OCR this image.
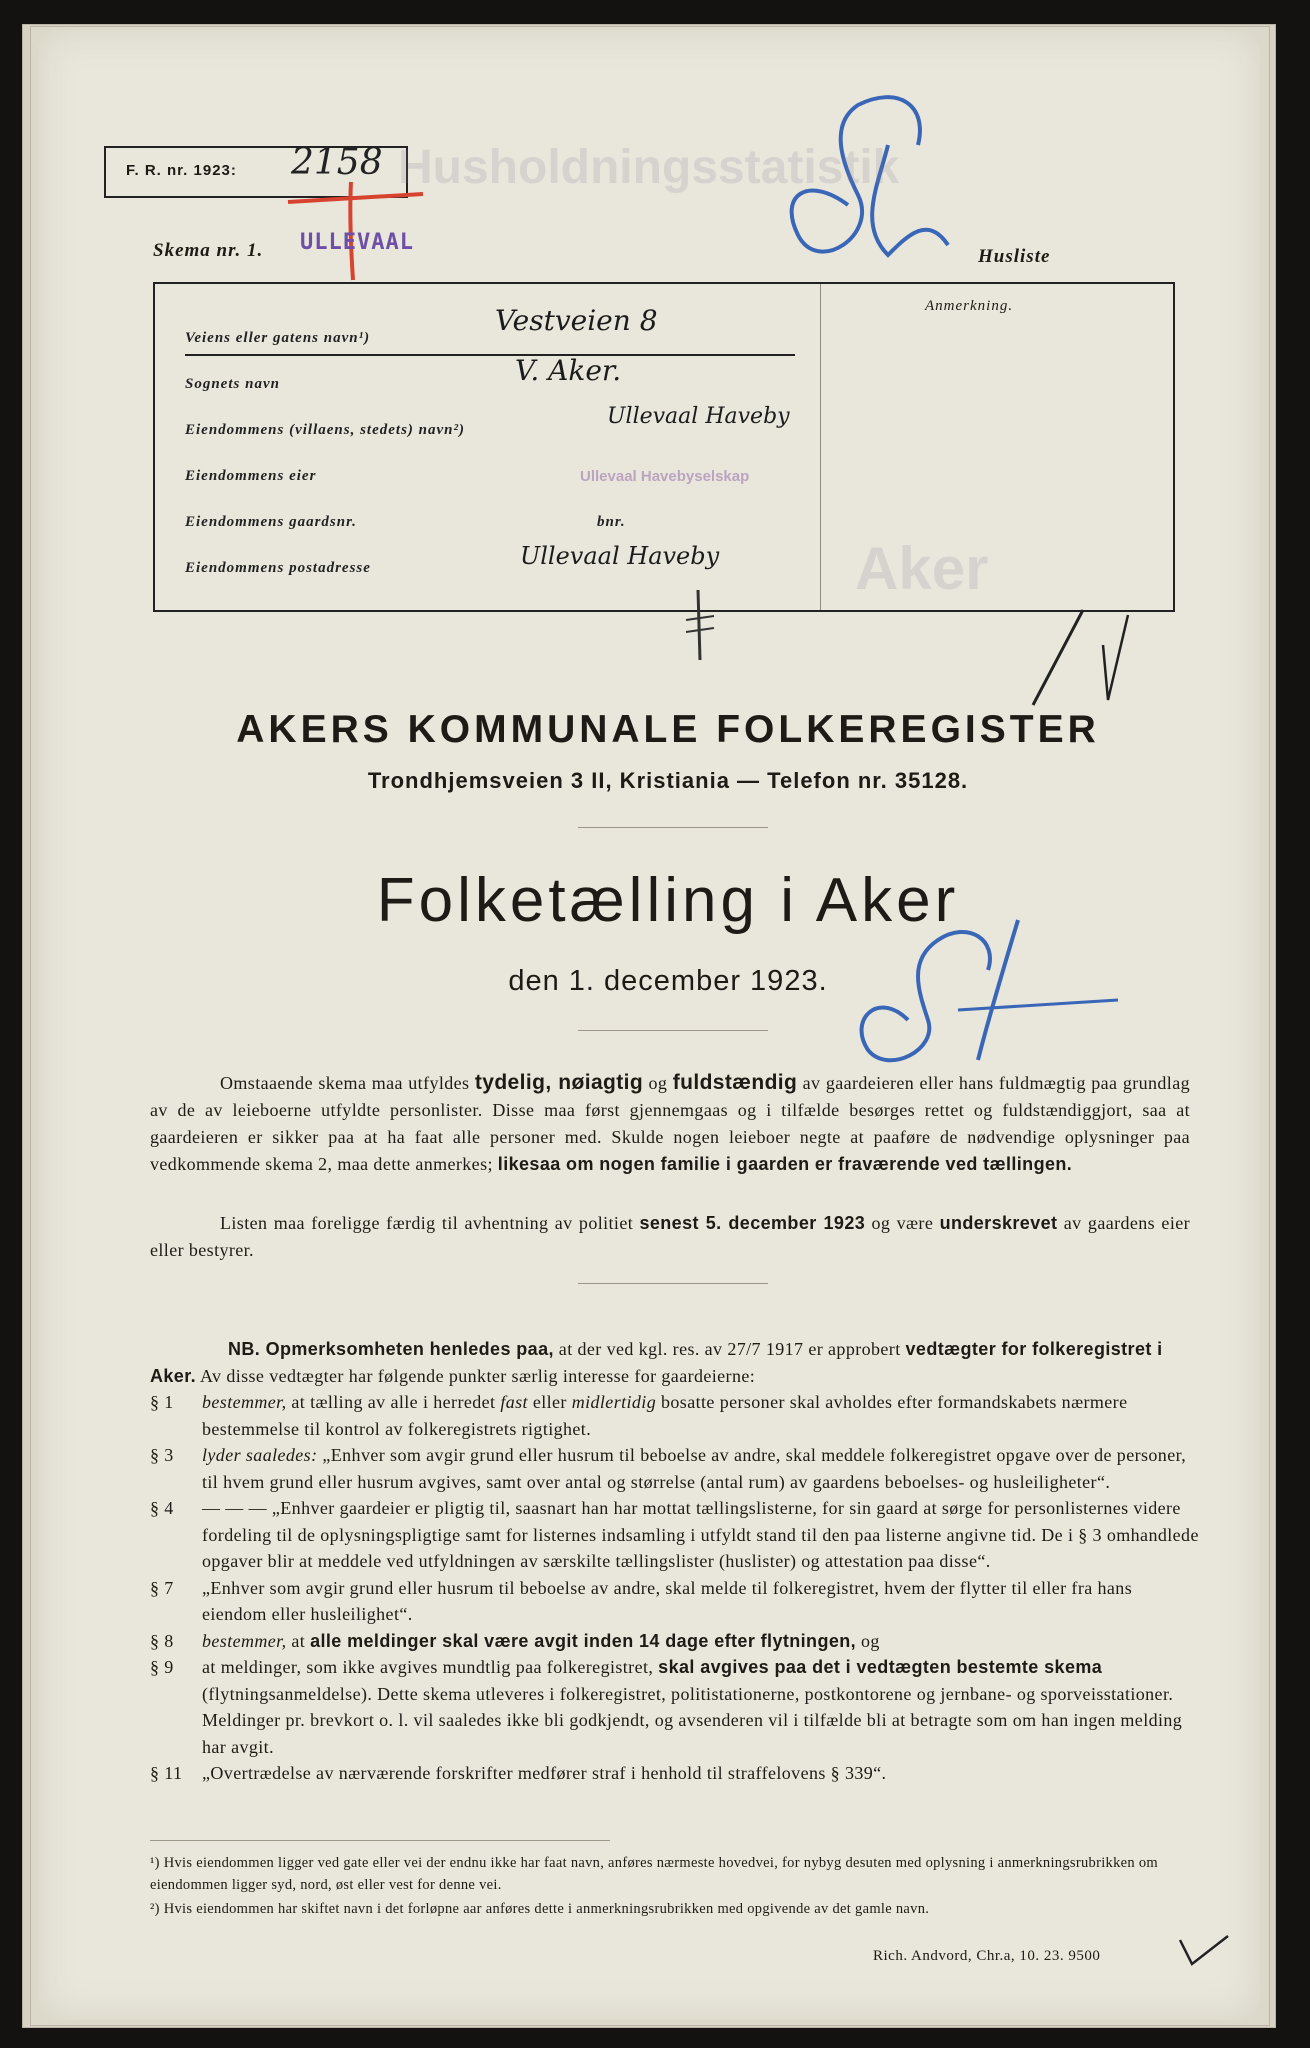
F. R. nr. 1923: 2158 Husholdningsstatistik
Skema nr. 1. ULLEVAAL
Husliste
Anmerkning.
Veiens eller gatens navn¹)
Vestveien 8
Sognets navn	V. Aker.
Eiendommens (villaens, stedets) navn²)
Ullevaal Haveby
Eiendommens eier	Ullevaal Havebyselskap
Eiendommens gaardsnr.	bnr.
Eiendommens postadresse	Ullevaal Haveby Aker
AKERS KOMMUNALE FOLKEREGISTER
Trondhjemsveien 3 II, Kristiania — Telefon nr. 35128.
Folketælling i Aker
den 1. december 1923.
Omstaaende skema maa utfyldes tydelig, nøiagtig og fuldstændig av gaardeieren eller hans fuldmægtig paa grundlag av de av leieboerne utfyldte personlister. Disse maa først gjennemgaas og i tilfælde besørges rettet og fuldstændiggjort, saa at gaardeieren er sikker paa at ha faat alle personer med. Skulde nogen leieboer negte at paaføre de nødvendige oplysninger paa vedkommende skema 2, maa dette anmerkes; likesaa om nogen familie i gaarden er fraværende ved tællingen.
Listen maa foreligge færdig til avhentning av politiet senest 5. december 1923 og være underskrevet av gaardens eier eller bestyrer.
NB. Opmerksomheten henledes paa, at der ved kgl. res. av 27/7 1917 er approbert vedtægter for folkeregistret i Aker. Av disse vedtægter har følgende punkter særlig interesse for gaardeierne:
§ 1 bestemmer, at tælling av alle i herredet fast eller midlertidig bosatte personer skal avholdes efter formandskabets nærmere bestemmelse til kontrol av folkeregistrets rigtighet.
§ 3 lyder saaledes: „Enhver som avgir grund eller husrum til beboelse av andre, skal meddele folkeregistret opgave over de personer, til hvem grund eller husrum avgives, samt over antal og størrelse (antal rum) av gaardens beboelses- og husleiligheter“.
§ 4 — — — „Enhver gaardeier er pligtig til, saasnart han har mottat tællingslisterne, for sin gaard at sørge for personlisternes videre fordeling til de oplysningspligtige samt for listernes indsamling i utfyldt stand til den paa listerne angivne tid. De i § 3 omhandlede opgaver blir at meddele ved utfyldningen av særskilte tællingslister (huslister) og attestation paa disse“.
§ 7 „Enhver som avgir grund eller husrum til beboelse av andre, skal melde til folkeregistret, hvem der flytter til eller fra hans eiendom eller husleilighet“.
§ 8 bestemmer, at alle meldinger skal være avgit inden 14 dage efter flytningen, og
§ 9 at meldinger, som ikke avgives mundtlig paa folkeregistret, skal avgives paa det i vedtægten bestemte skema (flytningsanmeldelse). Dette skema utleveres i folkeregistret, politistationerne, postkontorene og jernbane- og sporveisstationer. Meldinger pr. brevkort o. l. vil saaledes ikke bli godkjendt, og avsenderen vil i tilfælde bli at betragte som om han ingen melding har avgit.
§ 11 „Overtrædelse av nærværende forskrifter medfører straf i henhold til straffelovens § 339“.
¹) Hvis eiendommen ligger ved gate eller vei der endnu ikke har faat navn, anføres nærmeste hovedvei, for nybyg desuten med oplysning i anmerkningsrubrikken om eiendommen ligger syd, nord, øst eller vest for denne vei.
²) Hvis eiendommen har skiftet navn i det forløpne aar anføres dette i anmerkningsrubrikken med opgivende av det gamle navn.
Rich. Andvord, Chr.a, 10. 23. 9500
